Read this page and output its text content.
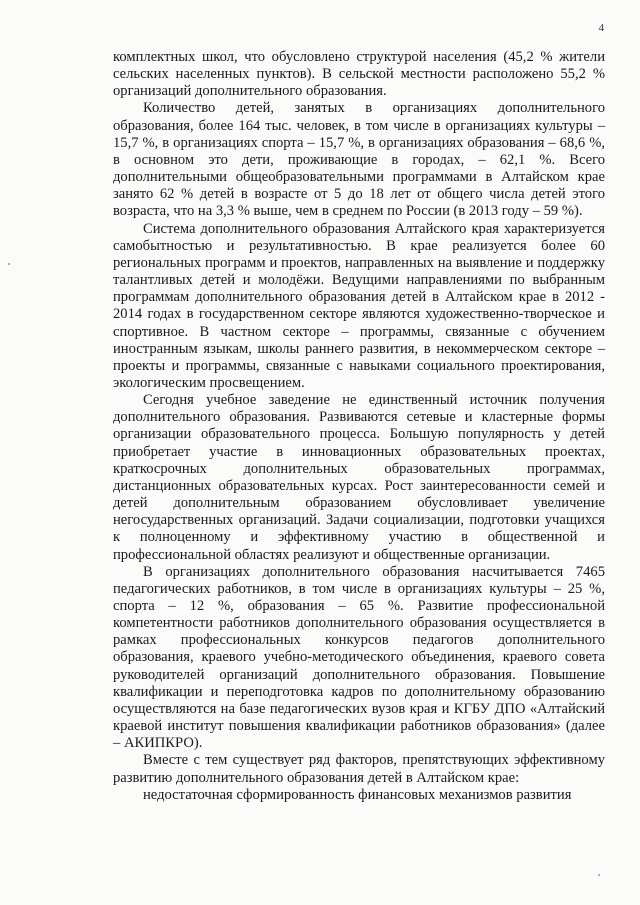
4

комплектных школ, что обусловлено структурой населения (45,2 % жители сельских населенных пунктов). В сельской местности расположено 55,2 % организаций дополнительного образования.

Количество детей, занятых в организациях дополнительного образования, более 164 тыс. человек, в том числе в организациях культуры – 15,7 %, в организациях спорта – 15,7 %, в организациях образования – 68,6 %, в основном это дети, проживающие в городах, – 62,1 %. Всего дополнительными общеобразовательными программами в Алтайском крае занято 62 % детей в возрасте от 5 до 18 лет от общего числа детей этого возраста, что на 3,3 % выше, чем в среднем по России (в 2013 году – 59 %).

Система дополнительного образования Алтайского края характеризуется самобытностью и результативностью. В крае реализуется более 60 региональных программ и проектов, направленных на выявление и поддержку талантливых детей и молодёжи. Ведущими направлениями по выбранным программам дополнительного образования детей в Алтайском крае в 2012 - 2014 годах в государственном секторе являются художественно-творческое и спортивное. В частном секторе – программы, связанные с обучением иностранным языкам, школы раннего развития, в некоммерческом секторе – проекты и программы, связанные с навыками социального проектирования, экологическим просвещением.

Сегодня учебное заведение не единственный источник получения дополнительного образования. Развиваются сетевые и кластерные формы организации образовательного процесса. Большую популярность у детей приобретает участие в инновационных образовательных проектах, краткосрочных дополнительных образовательных программах, дистанционных образовательных курсах. Рост заинтересованности семей и детей дополнительным образованием обусловливает увеличение негосударственных организаций. Задачи социализации, подготовки учащихся к полноценному и эффективному участию в общественной и профессиональной областях реализуют и общественные организации.

В организациях дополнительного образования насчитывается 7465 педагогических работников, в том числе в организациях культуры – 25 %, спорта – 12 %, образования – 65 %. Развитие профессиональной компетентности работников дополнительного образования осуществляется в рамках профессиональных конкурсов педагогов дополнительного образования, краевого учебно-методического объединения, краевого совета руководителей организаций дополнительного образования. Повышение квалификации и переподготовка кадров по дополнительному образованию осуществляются на базе педагогических вузов края и КГБУ ДПО «Алтайский краевой институт повышения квалификации работников образования» (далее – АКИПКРО).

Вместе с тем существует ряд факторов, препятствующих эффективному развитию дополнительного образования детей в Алтайском крае:

недостаточная сформированность финансовых механизмов развития
